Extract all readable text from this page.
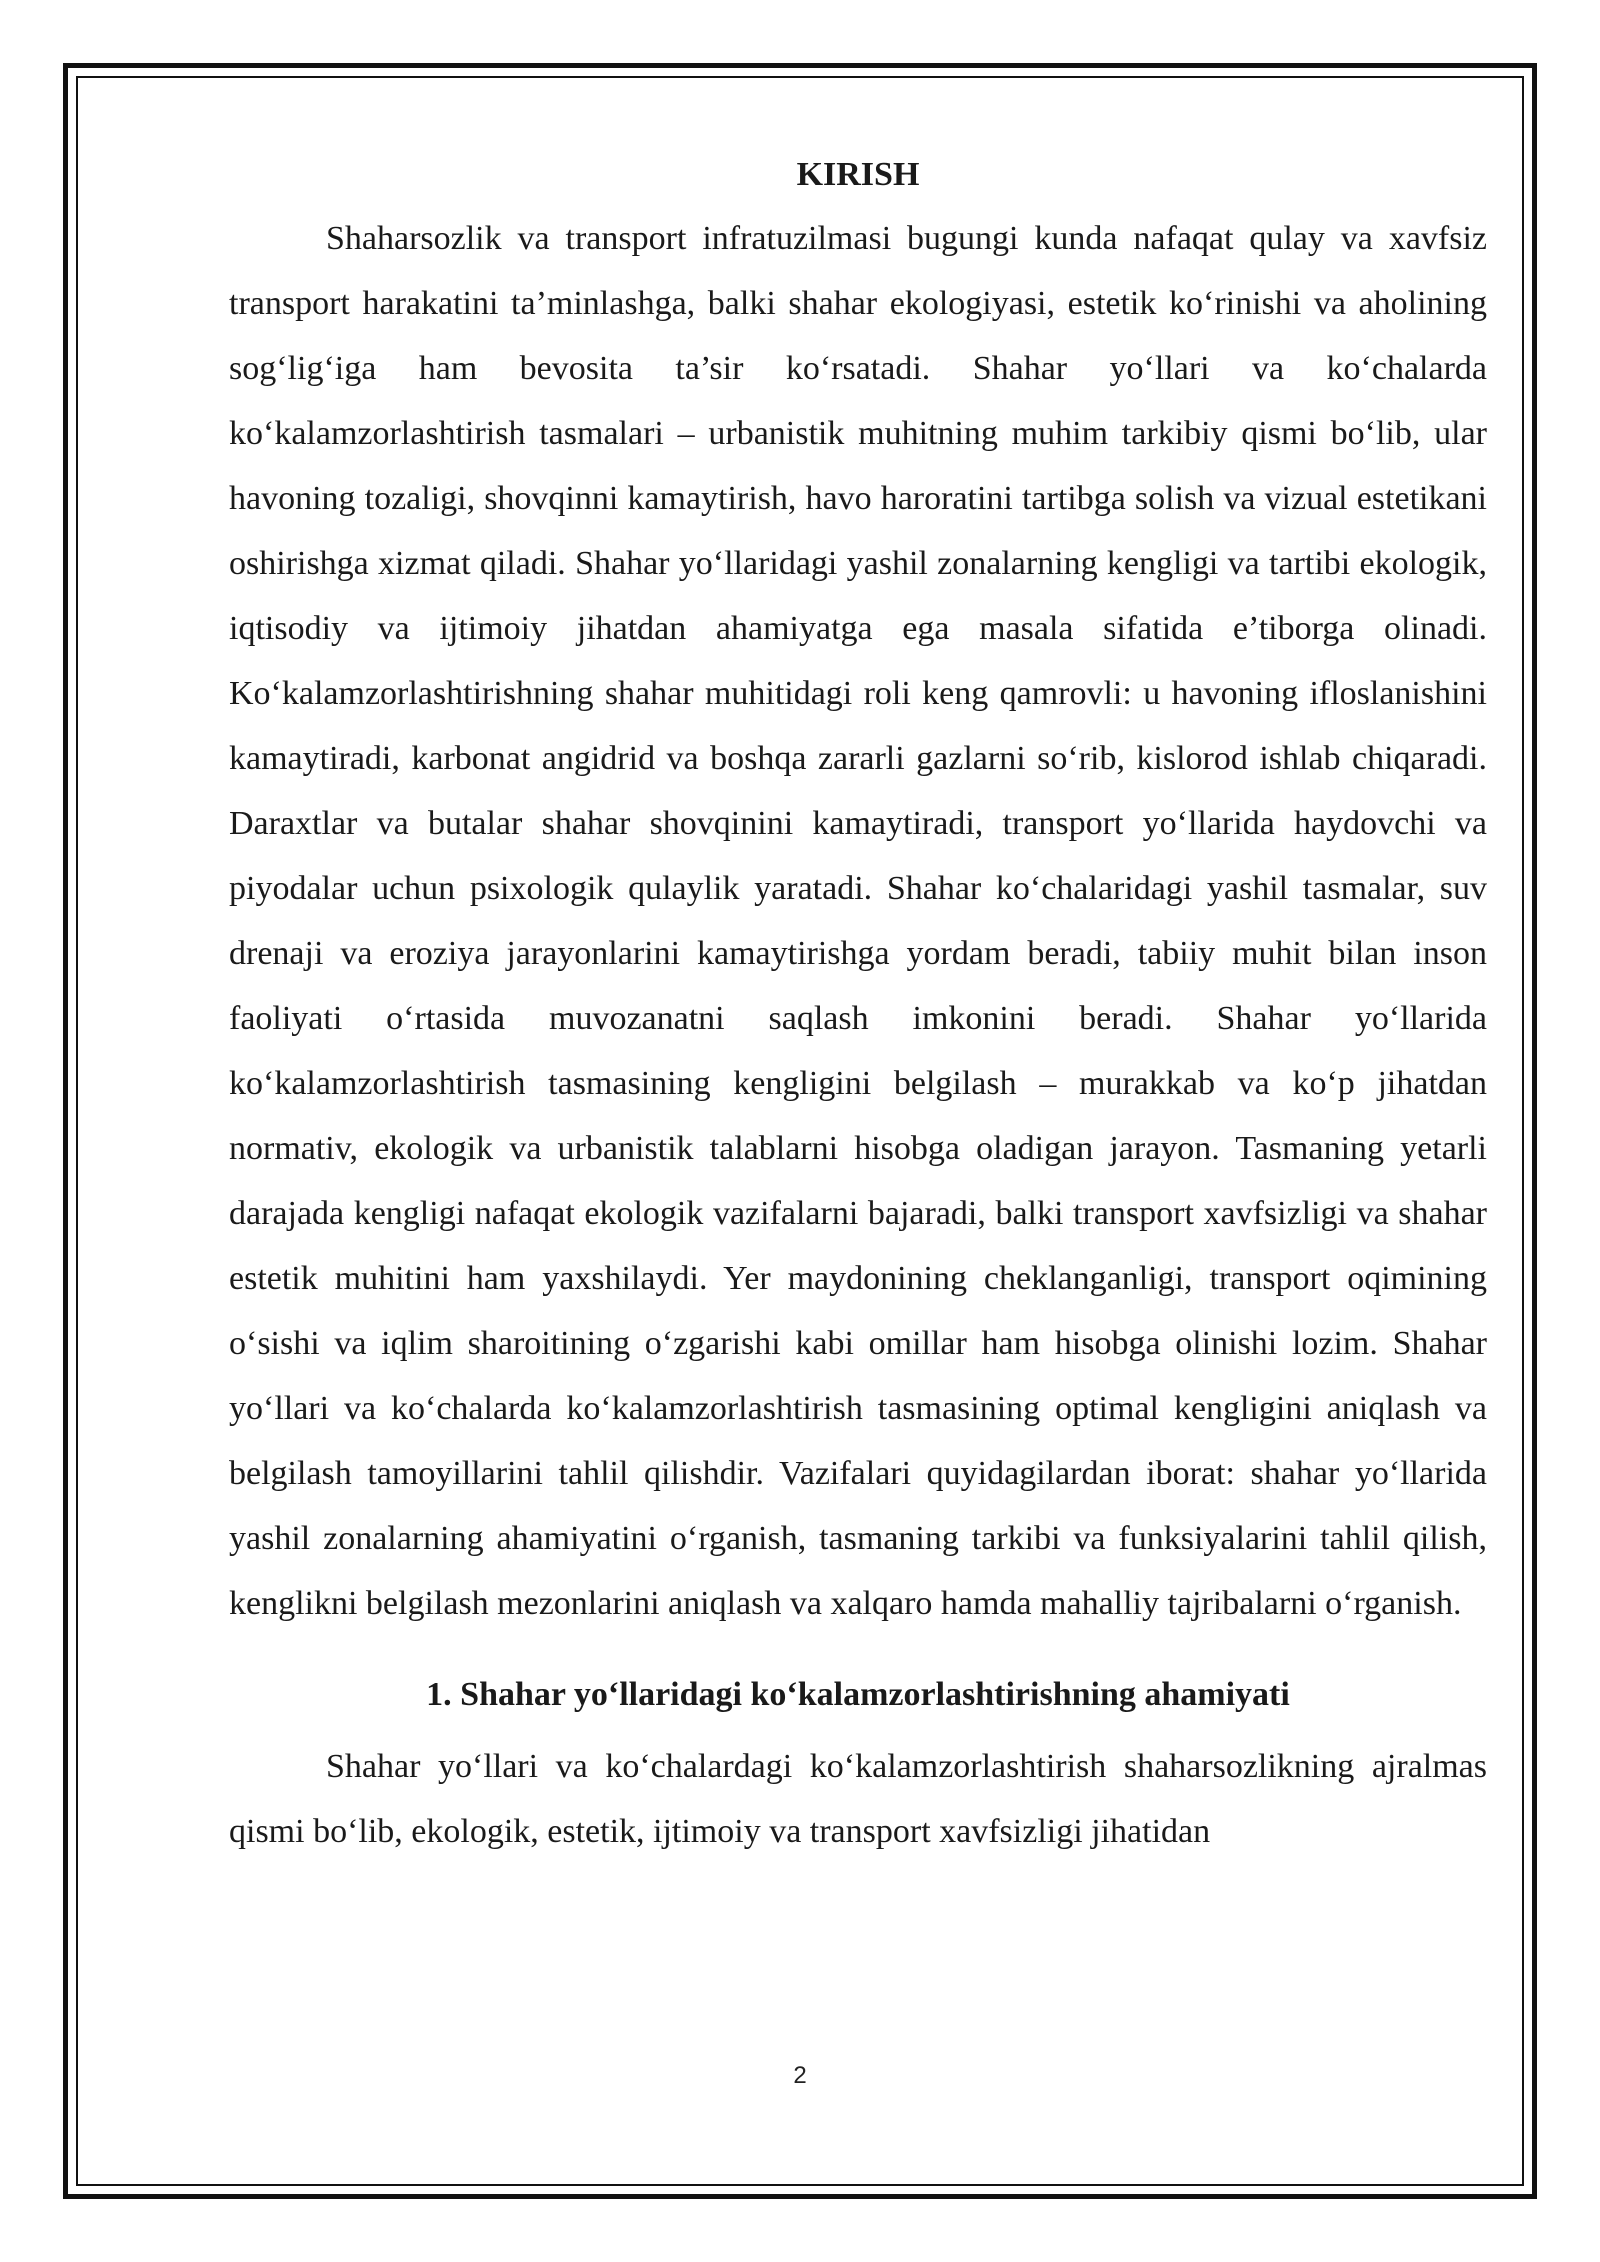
KIRISH

Shaharsozlik va transport infratuzilmasi bugungi kunda nafaqat qulay va xavfsiz transport harakatini ta’minlashga, balki shahar ekologiyasi, estetik ko‘rinishi va aholining sog‘lig‘iga ham bevosita ta’sir ko‘rsatadi. Shahar yo‘llari va ko‘chalarda ko‘kalamzorlashtirish tasmalari – urbanistik muhitning muhim tarkibiy qismi bo‘lib, ular havoning tozaligi, shovqinni kamaytirish, havo haroratini tartibga solish va vizual estetikani oshirishga xizmat qiladi. Shahar yo‘llaridagi yashil zonalarning kengligi va tartibi ekologik, iqtisodiy va ijtimoiy jihatdan ahamiyatga ega masala sifatida e’tiborga olinadi. Ko‘kalamzorlashtirishning shahar muhitidagi roli keng qamrovli: u havoning ifloslanishini kamaytiradi, karbonat angidrid va boshqa zararli gazlarni so‘rib, kislorod ishlab chiqaradi. Daraxtlar va butalar shahar shovqinini kamaytiradi, transport yo‘llarida haydovchi va piyodalar uchun psixologik qulaylik yaratadi. Shahar ko‘chalaridagi yashil tasmalar, suv drenaji va eroziya jarayonlarini kamaytirishga yordam beradi, tabiiy muhit bilan inson faoliyati o‘rtasida muvozanatni saqlash imkonini beradi. Shahar yo‘llarida ko‘kalamzorlashtirish tasmasining kengligini belgilash – murakkab va ko‘p jihatdan normativ, ekologik va urbanistik talablarni hisobga oladigan jarayon. Tasmaning yetarli darajada kengligi nafaqat ekologik vazifalarni bajaradi, balki transport xavfsizligi va shahar estetik muhitini ham yaxshilaydi. Yer maydonining cheklanganligi, transport oqimining o‘sishi va iqlim sharoitining o‘zgarishi kabi omillar ham hisobga olinishi lozim. Shahar yo‘llari va ko‘chalarda ko‘kalamzorlashtirish tasmasining optimal kengligini aniqlash va belgilash tamoyillarini tahlil qilishdir. Vazifalari quyidagilardan iborat: shahar yo‘llarida yashil zonalarning ahamiyatini o‘rganish, tasmaning tarkibi va funksiyalarini tahlil qilish, kenglikni belgilash mezonlarini aniqlash va xalqaro hamda mahalliy tajribalarni o‘rganish.

1. Shahar yo‘llaridagi ko‘kalamzorlashtirishning ahamiyati

Shahar yo‘llari va ko‘chalardagi ko‘kalamzorlashtirish shaharsozlikning ajralmas qismi bo‘lib, ekologik, estetik, ijtimoiy va transport xavfsizligi jihatidan

2
